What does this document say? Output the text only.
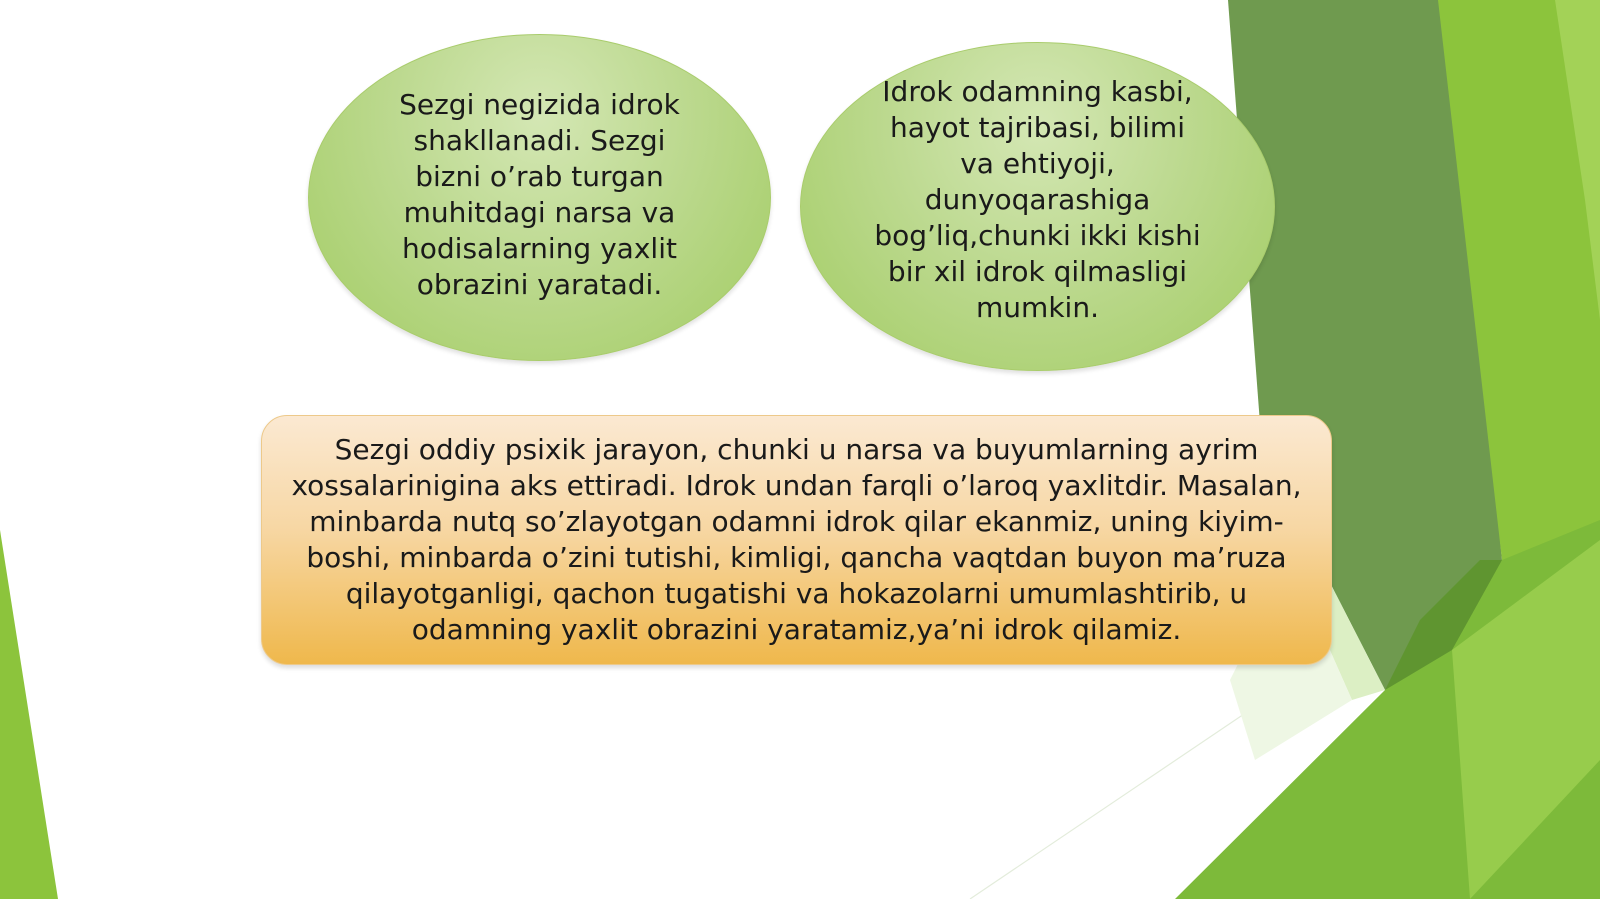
Sezgi negizida idrok shakllanadi. Sezgi bizni o’rab turgan muhitdagi narsa va hodisalarning yaxlit obrazini yaratadi.
Idrok odamning kasbi, hayot tajribasi, bilimi va ehtiyoji, dunyoqarashiga bog’liq,chunki ikki kishi bir xil idrok qilmasligi mumkin.
Sezgi oddiy psixik jarayon, chunki u narsa va buyumlarning ayrim xossalarinigina aks ettiradi. Idrok undan farqli o’laroq yaxlitdir. Masalan, minbarda nutq so’zlayotgan odamni idrok qilar ekanmiz, uning kiyim-boshi, minbarda o’zini tutishi, kimligi, qancha vaqtdan buyon ma’ruza qilayotganligi, qachon tugatishi va hokazolarni umumlashtirib, u odamning yaxlit obrazini yaratamiz,ya’ni idrok qilamiz.
